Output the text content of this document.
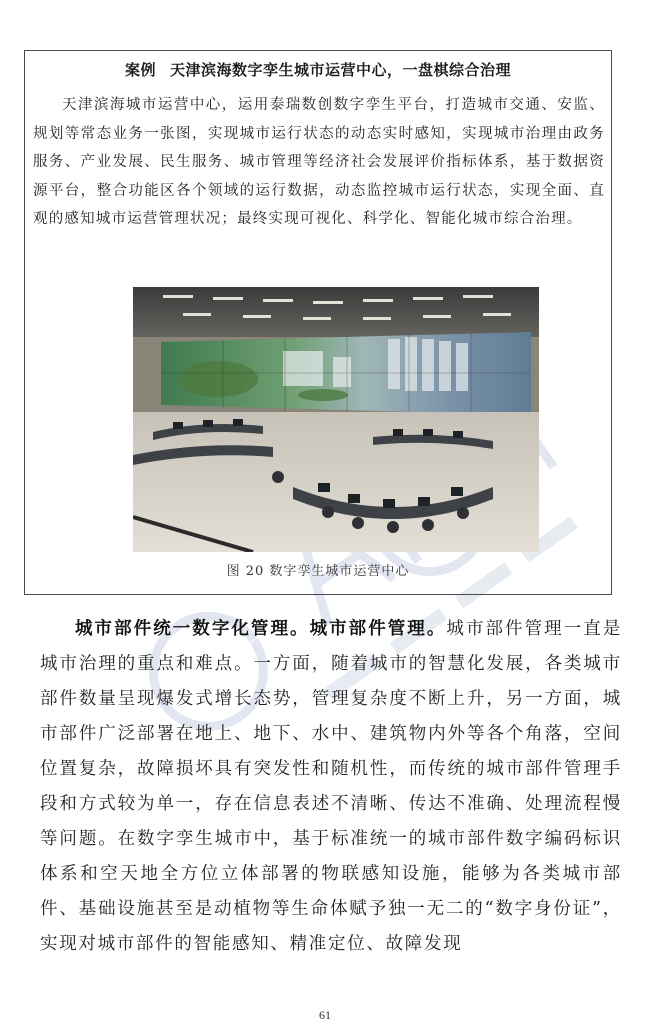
案例 天津滨海数字孪生城市运营中心，一盘棋综合治理

天津滨海城市运营中心，运用泰瑞数创数字孪生平台，打造城市交通、安监、规划等常态业务一张图，实现城市运行状态的动态实时感知，实现城市治理由政务服务、产业发展、民生服务、城市管理等经济社会发展评价指标体系，基于数据资源平台，整合功能区各个领域的运行数据，动态监控城市运行状态，实现全面、直观的感知城市运营管理状况；最终实现可视化、科学化、智能化城市综合治理。

图 20 数字孪生城市运营中心

城市部件统一数字化管理。城市部件管理。城市部件管理一直是城市治理的重点和难点。一方面，随着城市的智慧化发展，各类城市部件数量呈现爆发式增长态势，管理复杂度不断上升，另一方面，城市部件广泛部署在地上、地下、水中、建筑物内外等各个角落，空间位置复杂，故障损坏具有突发性和随机性，而传统的城市部件管理手段和方式较为单一，存在信息表述不清晰、传达不准确、处理流程慢等问题。在数字孪生城市中，基于标准统一的城市部件数字编码标识体系和空天地全方位立体部署的物联感知设施，能够为各类城市部件、基础设施甚至是动植物等生命体赋予独一无二的“数字身份证”，实现对城市部件的智能感知、精准定位、故障发现

61
